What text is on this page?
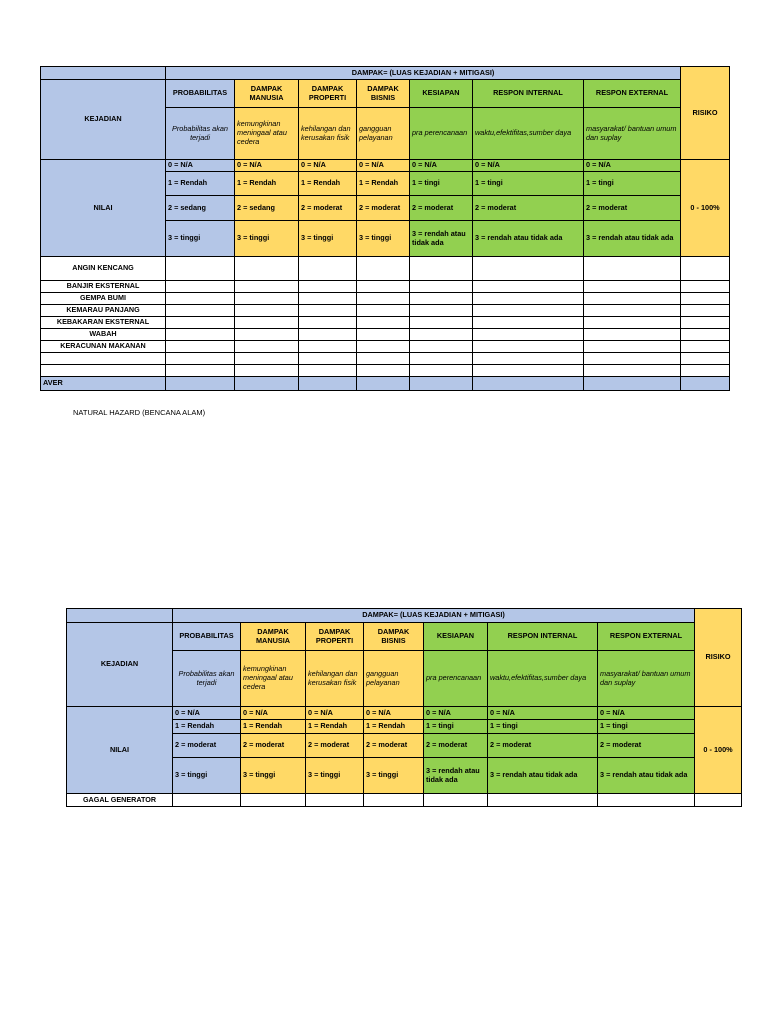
	DAMPAK= (LUAS KEJADIAN + MITIGASI)							RISIKO
KEJADIAN	PROBABILITAS	DAMPAK MANUSIA	DAMPAK PROPERTI	DAMPAK BISNIS	KESIAPAN	RESPON INTERNAL	RESPON EXTERNAL	
	Probabilitas akan terjadi	kemungkinan meningaal atau cedera	kehilangan dan kerusakan fisik	gangguan pelayanan	pra perencanaan	waktu,efektifitas,sumber daya	masyarakat/ bantuan umum dan suplay	
NILAI	0 = N/A	0 = N/A	0 = N/A	0 = N/A	0 = N/A	0 = N/A	0 = N/A	0 - 100%
	1 = Rendah	1 = Rendah	1 = Rendah	1 = Rendah	1 = tingi	1 = tingi	1 = tingi	
	2 = sedang	2 = sedang	2 = moderat	2 = moderat	2 = moderat	2 = moderat	2 = moderat	
	3 = tinggi	3 = tinggi	3 = tinggi	3 = tinggi	3 = rendah atau tidak ada	3 = rendah atau tidak ada	3 = rendah atau tidak ada	
ANGIN KENCANG								
BANJIR EKSTERNAL								
GEMPA BUMI								
KEMARAU PANJANG								
KEBAKARAN EKSTERNAL								
WABAH								
KERACUNAN MAKANAN								

AVER								
NATURAL HAZARD (BENCANA ALAM)
	DAMPAK= (LUAS KEJADIAN + MITIGASI)							RISIKO
KEJADIAN	PROBABILITAS	DAMPAK MANUSIA	DAMPAK PROPERTI	DAMPAK BISNIS	KESIAPAN	RESPON INTERNAL	RESPON EXTERNAL	
	Probabilitas akan terjadi	kemungkinan meningaal atau cedera	kehilangan dan kerusakan fisik	gangguan pelayanan	pra perencanaan	waktu,efektifitas,sumber daya	masyarakat/ bantuan umum dan suplay	
NILAI	0 = N/A	0 = N/A	0 = N/A	0 = N/A	0 = N/A	0 = N/A	0 = N/A	0 - 100%
	1 = Rendah	1 = Rendah	1 = Rendah	1 = Rendah	1 = tingi	1 = tingi	1 = tingi	
	2 = moderat	2 = moderat	2 = moderat	2 = moderat	2 = moderat	2 = moderat	2 = moderat	
	3 = tinggi	3 = tinggi	3 = tinggi	3 = tinggi	3 = rendah atau tidak ada	3 = rendah atau tidak ada	3 = rendah atau tidak ada	
GAGAL GENERATOR								
